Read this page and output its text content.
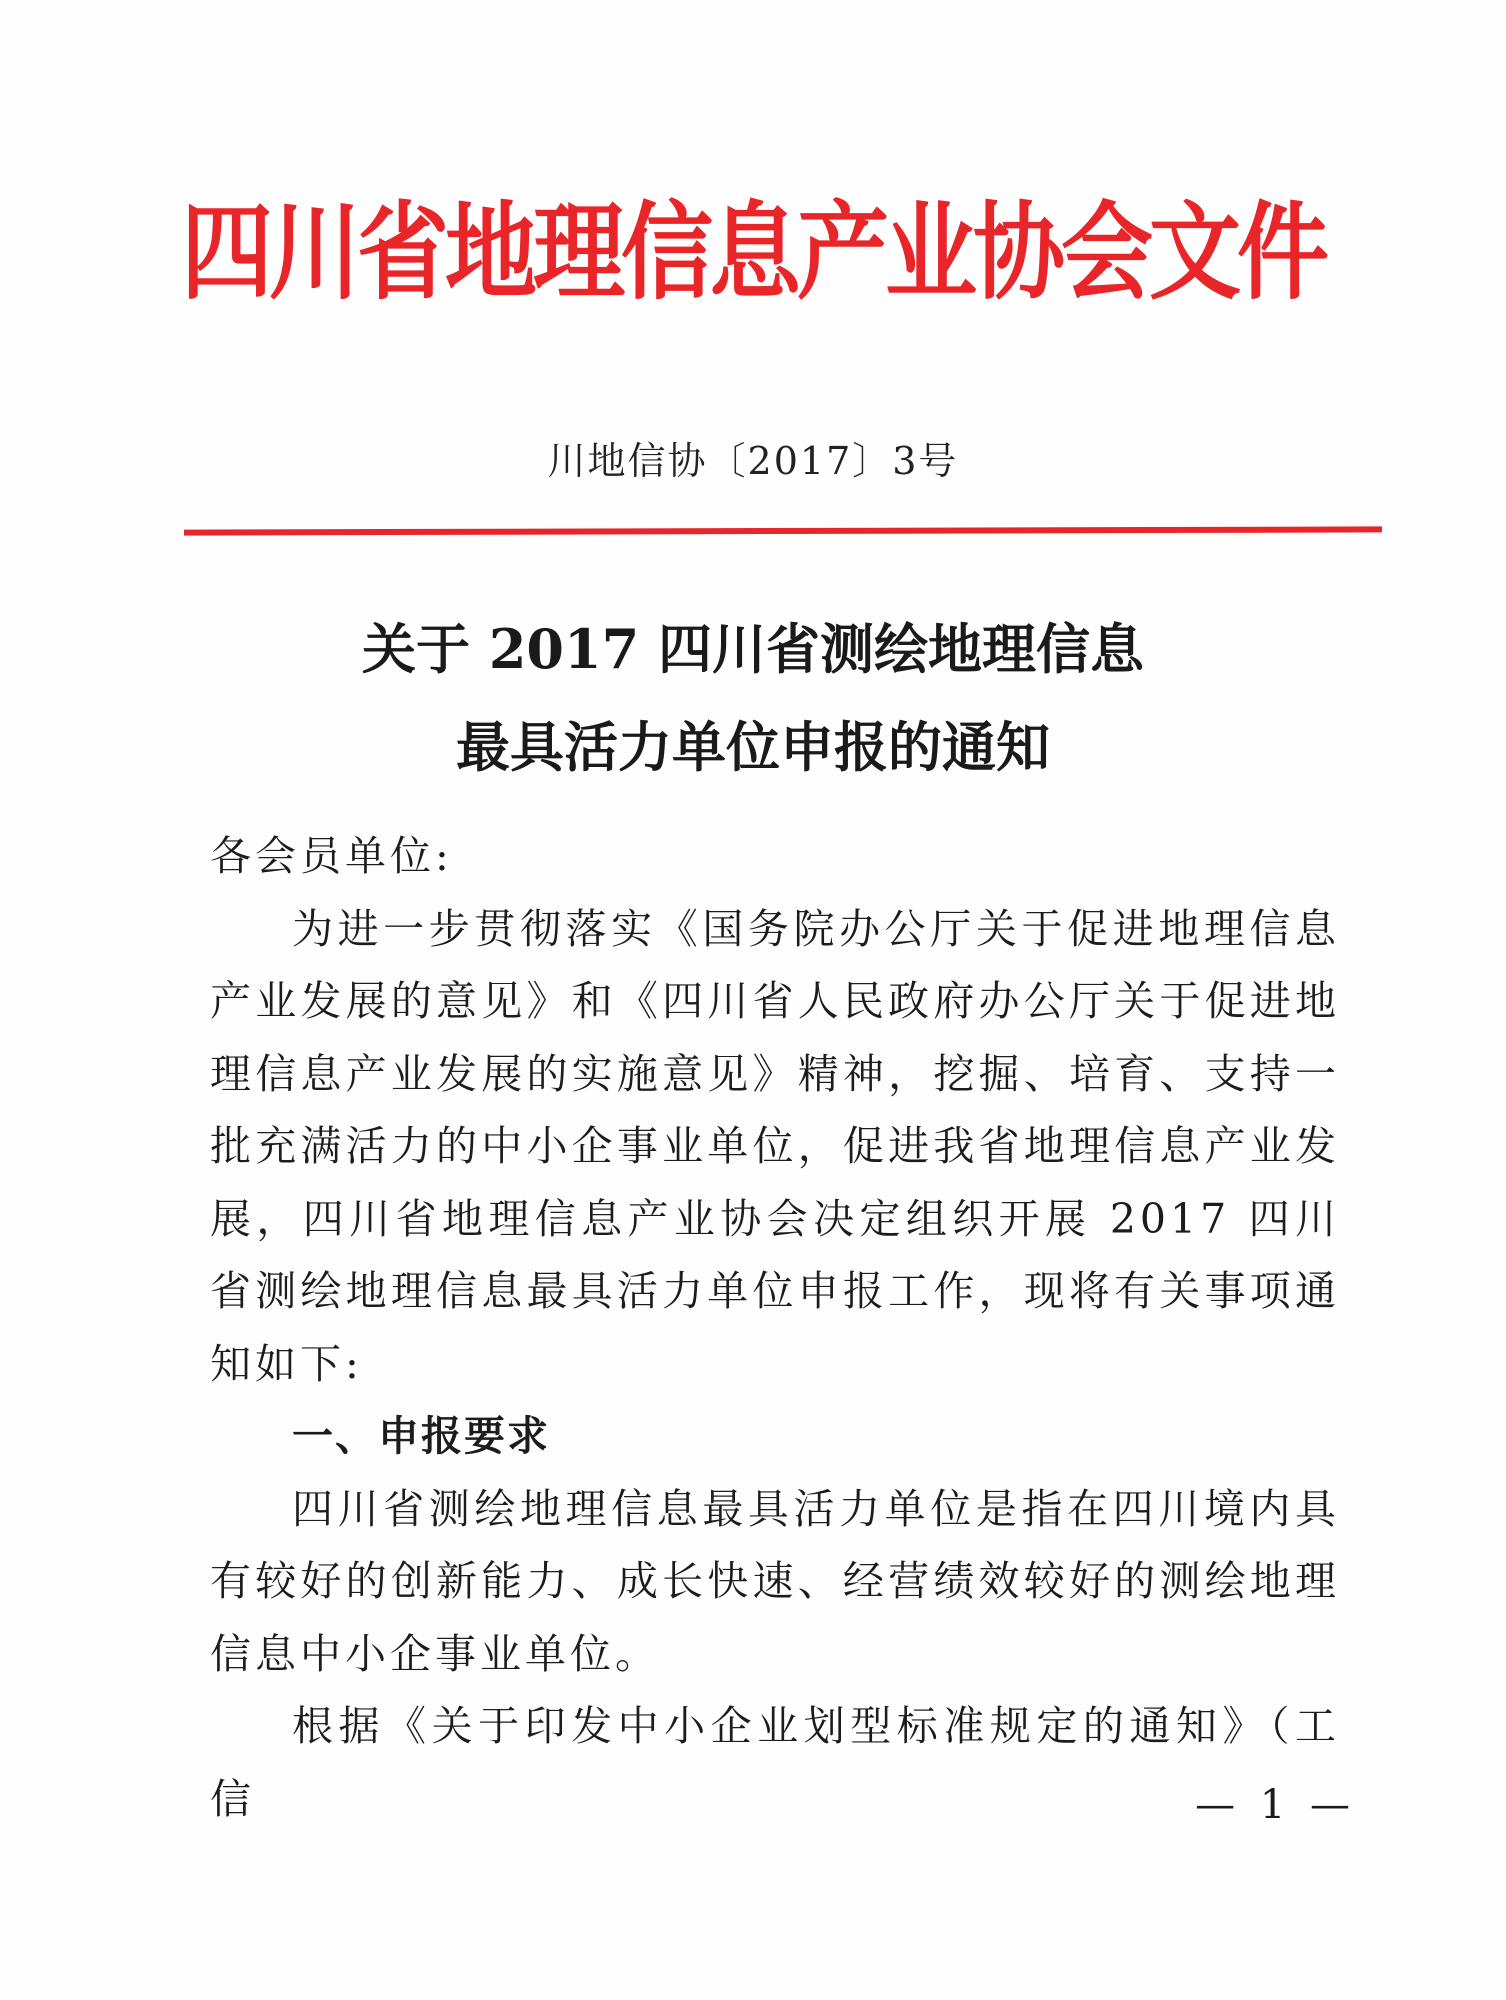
四川省地理信息产业协会文件
川地信协〔2017〕3号
关于 2017 四川省测绘地理信息
最具活力单位申报的通知

各会员单位:

为进一步贯彻落实《国务院办公厅关于促进地理信息产业发展的意见》和《四川省人民政府办公厅关于促进地理信息产业发展的实施意见》精神，挖掘、培育、支持一批充满活力的中小企事业单位，促进我省地理信息产业发展，四川省地理信息产业协会决定组织开展 2017 四川省测绘地理信息最具活力单位申报工作，现将有关事项通知如下:

一、申报要求

四川省测绘地理信息最具活力单位是指在四川境内具有较好的创新能力、成长快速、经营绩效较好的测绘地理信息中小企事业单位。

根据《关于印发中小企业划型标准规定的通知》（工信	— 1 —
